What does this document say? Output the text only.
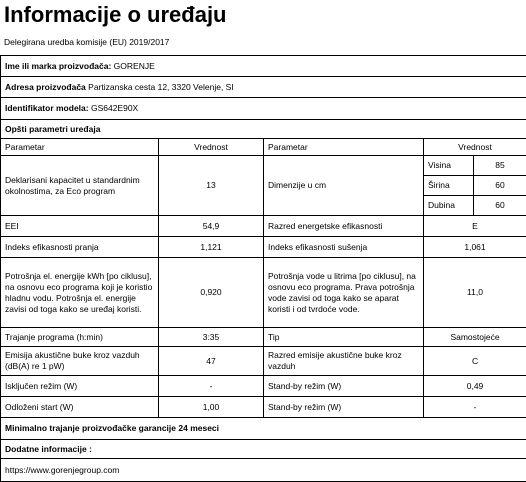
Informacije o uređaju
Delegirana uredba komisije (EU) 2019/2017
Ime ili marka proizvođača: GORENJE				
Adresa proizvođača Partizanska cesta 12, 3320 Velenje, SI				
Identifikator modela: GS642E90X				
Opšti parametri uređaja				
Parametar	Vrednost	Parametar	Vrednost	
Deklarisani kapacitet u standardnim okolnostima, za Eco program	13	Dimenzije u cm	Visina	85
			Širina	60
			Dubina	60
EEI	54,9	Razred energetske efikasnosti	E	
Indeks efikasnosti pranja	1,121	Indeks efikasnosti sušenja	1,061	
Potrošnja el. energije kWh [po ciklusu], na osnovu eco programa koji je koristio hladnu vodu. Potrošnja el. energije zavisi od toga kako se uređaj koristi.	0,920	Potrošnja vode u litrima [po ciklusu], na osnovu eco programa. Prava potrošnja vode zavisi od toga kako se aparat koristi i od tvrdoće vode.	11,0	
Trajanje programa (h:min)	3:35	Tip	Samostojeće	
Emisija akustične buke kroz vazduh (dB(A) re 1 pW)	47	Razred emisije akustične buke kroz vazduh	C	
Isključen režim (W)	-	Stand-by režim (W)	0,49	
Odloženi start (W)	1,00	Stand-by režim (W)	-	
Minimalno trajanje proizvođačke garancije 24 meseci				
Dodatne informacije :				
https://www.gorenjegroup.com				
